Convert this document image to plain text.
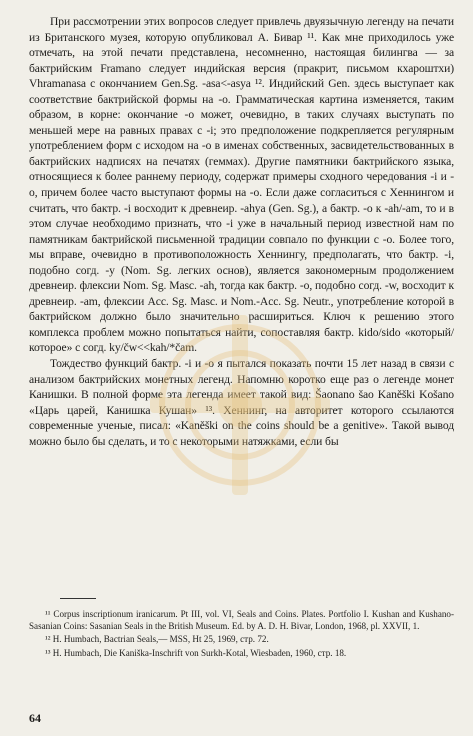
При рассмотрении этих вопросов следует привлечь двуязычную легенду на печати из Британского музея, которую опубликовал А. Бивар ¹¹. Как мне приходилось уже отмечать, на этой печати представлена, несомненно, настоящая билингва — за бактрийским Framano следует индийская версия (пракрит, письмом кхароштхи) Vhramanasa с окончанием Gen.Sg. -asa<-asya ¹². Индийский Gen. здесь выступает как соответствие бактрийской формы на -o. Грамматическая картина изменяется, таким образом, в корне: окончание -o может, очевидно, в таких случаях выступать по меньшей мере на равных правах с -i; это предположение подкрепляется регулярным употреблением форм с исходом на -o в именах собственных, засвидетельствованных в бактрийских надписях на печатях (геммах). Другие памятники бактрийского языка, относящиеся к более раннему периоду, содержат примеры сходного чередования -i и -o, причем более часто выступают формы на -o. Если даже согласиться с Хеннингом и считать, что бактр. -i восходит к древнеир. -ahya (Gen. Sg.), а бактр. -o к -ah/-am, то и в этом случае необходимо признать, что -i уже в начальный период известной нам по памятникам бактрийской письменной традиции совпало по функции с -o. Более того, мы вправе, очевидно в противоположность Хеннингу, предполагать, что бактр. -i, подобно согд. -y (Nom. Sg. легких основ), является закономерным продолжением древнеир. флексии Nom. Sg. Masc. -ah, тогда как бактр. -o, подобно согд. -w, восходит к древнеир. -am, флексии Acc. Sg. Masc. и Nom.-Acc. Sg. Neutr., употребление которой в бактрийском должно было значительно расшириться. Ключ к решению этого комплекса проблем можно попытаться найти, сопоставляя бактр. kido/sido «который/которое» с согд. ky/čw<<kah/*čam.

Тождество функций бактр. -i и -o я пытался показать почти 15 лет назад в связи с анализом бактрийских монетных легенд. Напомню коротко еще раз о легенде монет Канишки. В полной форме эта легенда имеет такой вид: Šaonano šao Kaněški Košano «Царь царей, Канишка Кушан» ¹³. Хеннинг, на авторитет которого ссылаются современные ученые, писал: «Kaněški on the coins should be a genitive». Такой вывод можно было бы сделать, и то с некоторыми натяжками, если бы

¹¹ Corpus inscriptionum iranicarum. Pt III, vol. VI, Seals and Coins. Plates. Portfolio I. Kushan and Kushano-Sasanian Coins: Sasanian Seals in the British Museum. Ed. by A. D. H. Bivar, London, 1968, pl. XXVII, 1.

¹² H. Humbach, Bactrian Seals,— MSS, Ht 25, 1969, стр. 72.

¹³ H. Humbach, Die Kaniška-Inschrift von Surkh-Kotal, Wiesbaden, 1960, стр. 18.

64
